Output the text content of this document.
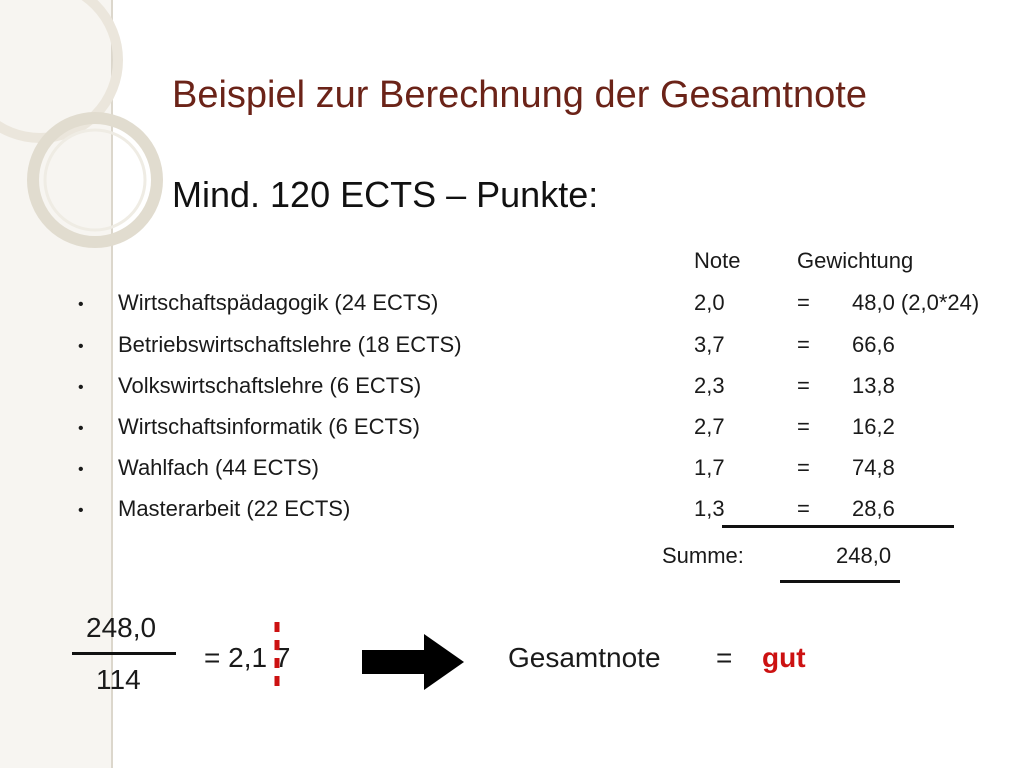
Beispiel zur Berechnung der Gesamtnote
Mind. 120 ECTS – Punkte:
Note	Gewichtung
• Wirtschaftspädagogik (24 ECTS)	2,0	= 48,0 (2,0*24)
• Betriebswirtschaftslehre (18 ECTS)	3,7	= 66,6
• Volkswirtschaftslehre (6 ECTS)	2,3	= 13,8
• Wirtschaftsinformatik (6 ECTS)	2,7	= 16,2
• Wahlfach (44 ECTS)	1,7	= 74,8
• Masterarbeit (22 ECTS)	1,3	= 28,6
Summe:	248,0
248,0
114
= 2,1 7	Gesamtnote = gut
